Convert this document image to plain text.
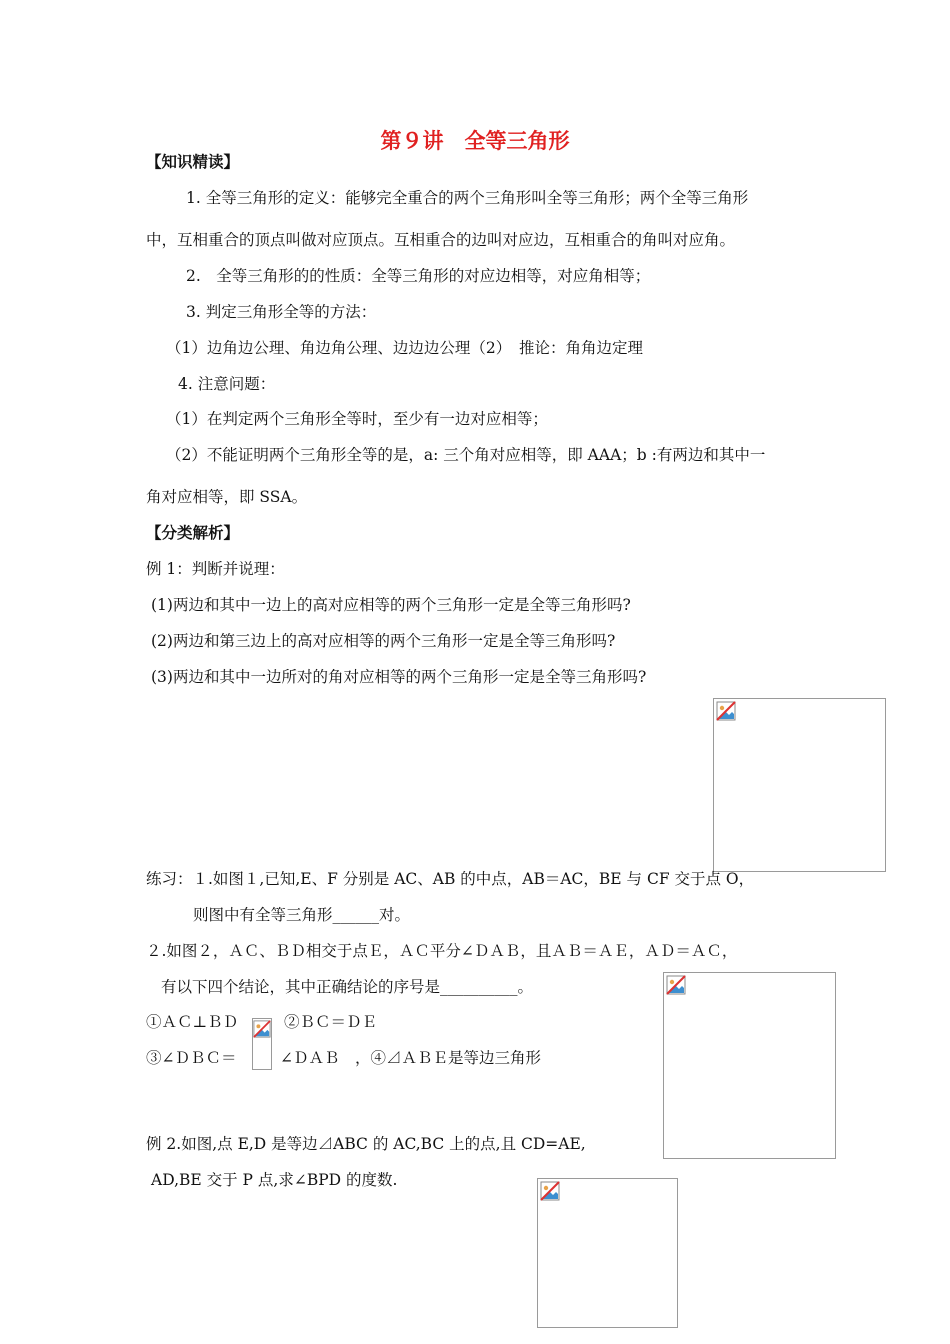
第９讲　全等三角形
【知识精读】
1. 全等三角形的定义：能够完全重合的两个三角形叫全等三角形；两个全等三角形
中，互相重合的顶点叫做对应顶点。互相重合的边叫对应边，互相重合的角叫对应角。
2.　全等三角形的的性质：全等三角形的对应边相等，对应角相等；
3. 判定三角形全等的方法：
（1）边角边公理、角边角公理、边边边公理（2）　推论：角角边定理
4. 注意问题：
（1）在判定两个三角形全等时，至少有一边对应相等；
（2）不能证明两个三角形全等的是，a: 三个角对应相等，即 AAA；b :有两边和其中一
角对应相等，即 SSA。
【分类解析】
例 1：判断并说理：
(1)两边和其中一边上的高对应相等的两个三角形一定是全等三角形吗?
(2)两边和第三边上的高对应相等的两个三角形一定是全等三角形吗?
(3)两边和其中一边所对的角对应相等的两个三角形一定是全等三角形吗?
练习：１.如图１,已知,E、F 分别是 AC、AB 的中点，AB＝AC，BE 与 CF 交于点 O，
则图中有全等三角形______对。
２.如图２，ＡＣ、ＢＤ相交于点Ｅ，ＡＣ平分∠ＤＡＢ，且ＡＢ＝ＡＥ，ＡＤ＝ＡＣ，
有以下四个结论，其中正确结论的序号是__________。
①ＡＣ⊥ＢＤ	②ＢＣ＝ＤＥ
③∠ＤＢＣ＝	∠ＤＡＢ　，④⊿ＡＢＥ是等边三角形
例 2.如图,点 E,D 是等边⊿ABC 的 AC,BC 上的点,且 CD=AE,
AD,BE 交于 P 点,求∠BPD 的度数.
